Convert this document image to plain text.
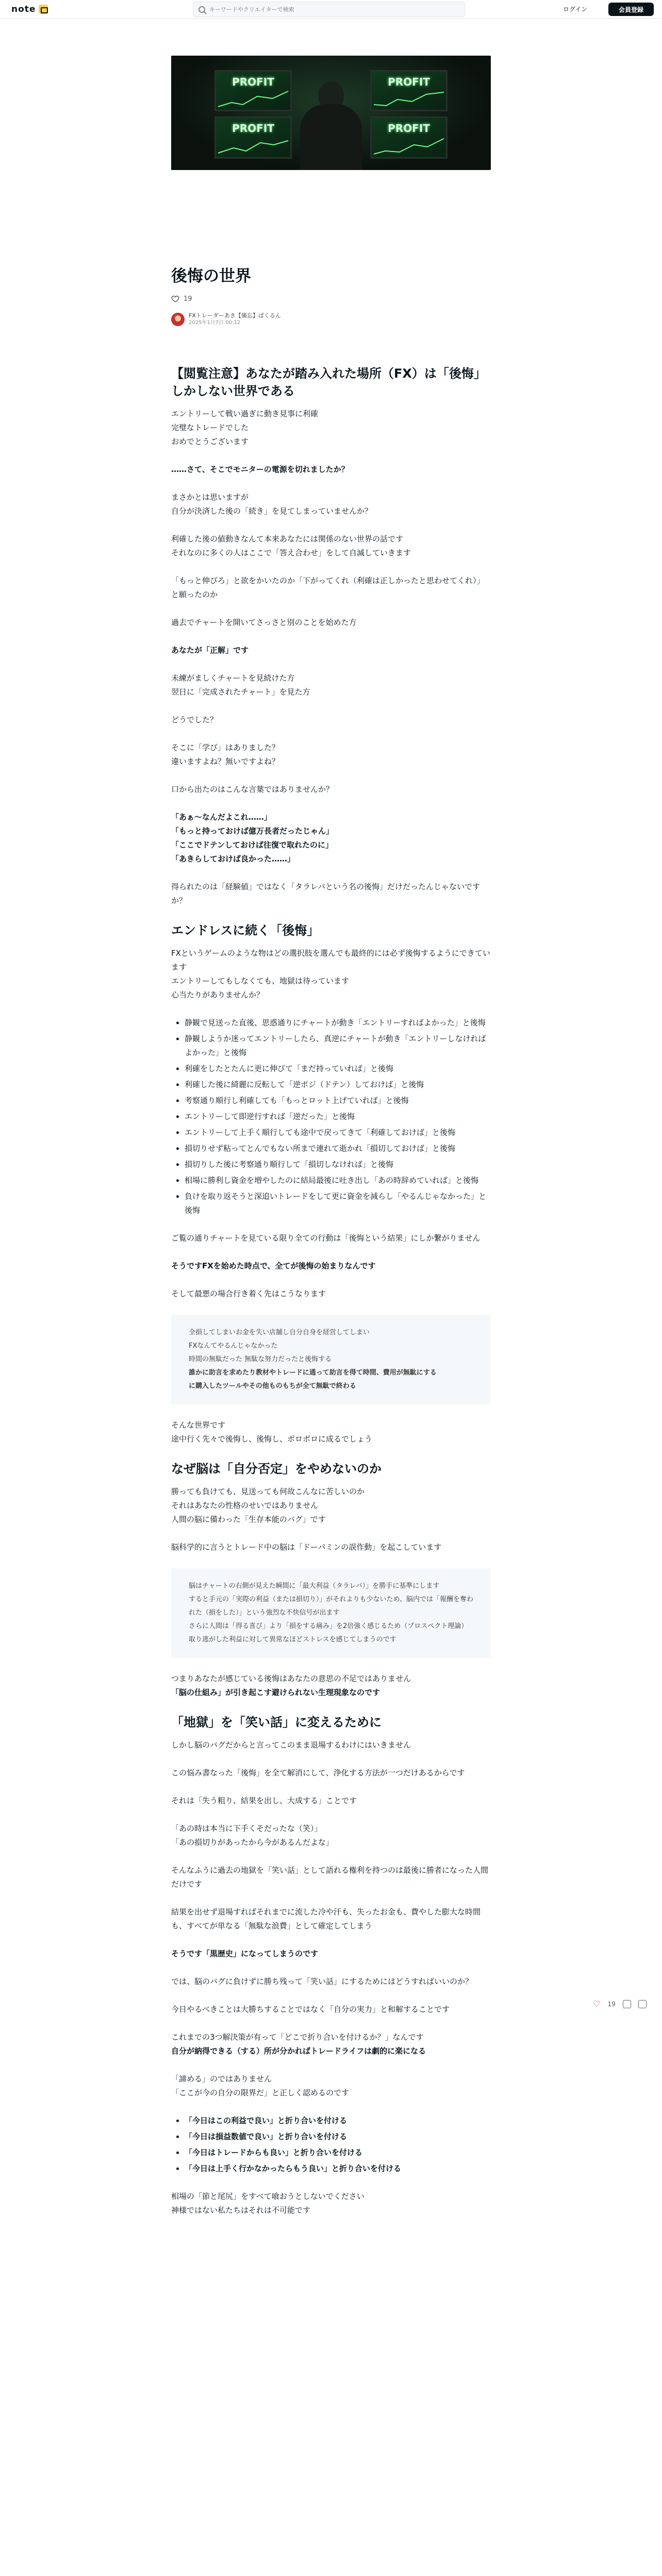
note
キーワードやクリエイターで検索	ログイン	会員登録
PROFIT	PROFIT
PROFIT	PROFIT
後悔の世界
19
FXトレーダーあき【備忘】ぱくるん
2025年1月7日 00:12
【閲覧注意】あなたが踏み入れた場所（FX）は「後悔」しかしない世界である

エントリーして戦い過ぎに動き見事に利確
完璧なトレードでした
おめでとうございます

……さて、そこでモニターの電源を切れましたか？

まさかとは思いますが
自分が決済した後の「続き」を見てしまっていませんか？

利確した後の値動きなんて本来あなたには関係のない世界の話です
それなのに多くの人はここで「答え合わせ」をして自滅していきます

「もっと伸びろ」と欲をかいたのか「下がってくれ（利確は正しかったと思わせてくれ）」と願ったのか

過去でチャートを開いてさっさと別のことを始めた方

あなたが「正解」です

未練がましくチャートを見続けた方
翌日に「完成されたチャート」を見た方

どうでした？

そこに「学び」はありました？
違いますよね？無いですよね？

口から出たのはこんな言葉ではありませんか？

「あぁ〜なんだよこれ……」
「もっと持っておけば億万長者だったじゃん」
「ここでドテンしておけば往復で取れたのに」
「あきらしておけば良かった……」

得られたのは「経験値」ではなく「タラレバという名の後悔」だけだったんじゃないですか？

エンドレスに続く「後悔」

FXというゲームのような物はどの選択肢を選んでも最終的には必ず後悔するようにできています
エントリーしてもしなくても、地獄は待っています
心当たりがありませんか？

• 静観で見送った直後、思惑通りにチャートが動き「エントリーすればよかった」と後悔
• 静観しようか迷ってエントリーしたら、真逆にチャートが動き「エントリーしなければよかった」と後悔
• 利確をしたとたんに更に伸びて「まだ持っていれば」と後悔
• 利確した後に綺麗に反転して「逆ポジ（ドテン）しておけば」と後悔
• 考察通り順行し利確しても「もっとロット上げていれば」と後悔
• エントリーして即逆行すれば「逆だった」と後悔
• エントリーして上手く順行しても途中で戻ってきて「利確しておけば」と後悔
• 損切りせず粘ってとんでもない所まで連れて逝かれ「損切しておけば」と後悔
• 損切りした後に考察通り順行して「損切しなければ」と後悔
• 相場に勝利し資金を増やしたのに結局最後に吐き出し「あの時辞めていれば」と後悔
• 負けを取り返そうと深追いトレードをして更に資金を減らし「やるんじゃなかった」と後悔

ご覧の通りチャートを見ている限り全ての行動は「後悔という結果」にしか繋がりません

そうですFXを始めた時点で、全てが後悔の始まりなんです

そして最悪の場合行き着く先はこうなります

全損してしまいお金を失い店舗し自分自身を経営してしまい
FXなんてやるんじゃなかった
時間の無駄だった 無駄な努力だったと後悔する
誰かに助言を求めたり教材やトレードに通って助言を得て時間、費用が無駄にする
に購入したツールやその他ものもちが全て無駄で終わる

そんな世界です
途中行く先々で後悔し、後悔し、ボロボロに成るでしょう

なぜ脳は「自分否定」をやめないのか

勝っても負けても、見送っても何故こんなに苦しいのか
それはあなたの性格のせいではありません
人間の脳に備わった「生存本能のバグ」です

脳科学的に言うとトレード中の脳は「ドーパミンの誤作動」を起こしています

脳はチャートの右側が見えた瞬間に「最大利益（タラレバ）」を勝手に基準にします
すると手元の「実際の利益（または損切り）」がそれよりも少ないため、脳内では「報酬を奪われた（損をした）」という強烈な不快信号が出ます
さらに人間は「得る喜び」より「損をする痛み」を2倍強く感じるため（プロスペクト理論）取り逃がした利益に対して異常なほどストレスを感じてしまうのです

つまりあなたが感じている後悔はあなたの意思の不足ではありません
「脳の仕組み」が引き起こす避けられない生理現象なのです

「地獄」を「笑い話」に変えるために

しかし脳のバグだからと言ってこのまま退場するわけにはいきません

この悩み書なった「後悔」を全て解消にして、浄化する方法が一つだけあるからです

それは「失う粗り、結果を出し、大成する」ことです

「あの時は本当に下手くそだったな（笑）」
「あの損切りがあったから今があるんだよな」

そんなふうに過去の地獄を「笑い話」として語れる権利を持つのは最後に勝者になった人間だけです

結果を出せず退場すればそれまでに流した冷や汗も、失ったお金も、費やした膨大な時間も、すべてが単なる「無駄な浪費」として確定してしまう

そうです「黒歴史」になってしまうのです

では、脳のバグに負けずに勝ち残って「笑い話」にするためにはどうすればいいのか？

今日やるべきことは大勝ちすることではなく「自分の実力」と和解することです

これまでの3つ解決策が有って「どこで折り合いを付けるか？」なんです
自分が納得できる（する）所が分かればトレードライフは劇的に楽になる

「諦める」のではありません
「ここが今の自分の限界だ」と正しく認めるのです

• 「今日はこの利益で良い」と折り合いを付ける
• 「今日は損益数値で良い」と折り合いを付ける
• 「今日はトレードからも良い」と折り合いを付ける
• 「今日は上手く行かなかったらもう良い」と折り合いを付ける

相場の「節と尾尻」をすべて喰おうとしないでください
神様ではない私たちはそれは不可能です

♡ 19
